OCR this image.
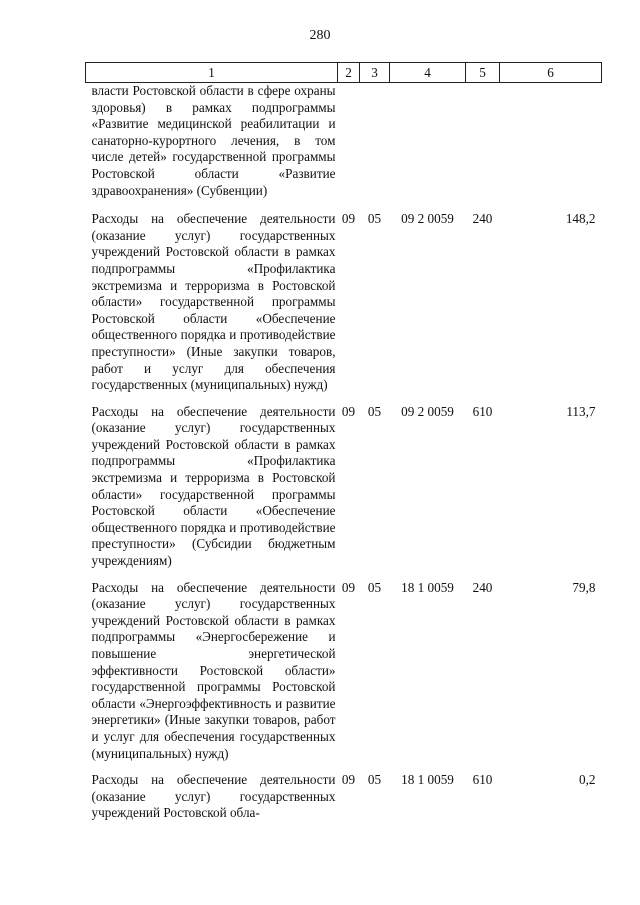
280
1	2	3	4	5	6
власти Ростовской области в сфере охраны здоровья) в рамках подпрограммы «Развитие медицинской реабилитации и санаторно-курортного лечения, в том числе детей» государственной программы Ростовской области «Развитие здравоохранения» (Субвенции)					
Расходы на обеспечение деятельности (оказание услуг) государственных учреждений Ростовской области в рамках подпрограммы «Профилактика экстремизма и терроризма в Ростовской области» государственной программы Ростовской области «Обеспечение общественного порядка и противодействие преступности» (Иные закупки товаров, работ и услуг для обеспечения государственных (муниципальных) нужд)	09	05	09 2 0059	240	148,2
Расходы на обеспечение деятельности (оказание услуг) государственных учреждений Ростовской области в рамках подпрограммы «Профилактика экстремизма и терроризма в Ростовской области» государственной программы Ростовской области «Обеспечение общественного порядка и противодействие преступности» (Субсидии бюджетным учреждениям)	09	05	09 2 0059	610	113,7
Расходы на обеспечение деятельности (оказание услуг) государственных учреждений Ростовской области в рамках подпрограммы «Энергосбережение и повышение энергетической эффективности Ростовской области» государственной программы Ростовской области «Энергоэффективность и развитие энергетики» (Иные закупки товаров, работ и услуг для обеспечения государственных (муниципальных) нужд)	09	05	18 1 0059	240	79,8
Расходы на обеспечение деятельности (оказание услуг) государственных учреждений Ростовской обла-	09	05	18 1 0059	610	0,2
